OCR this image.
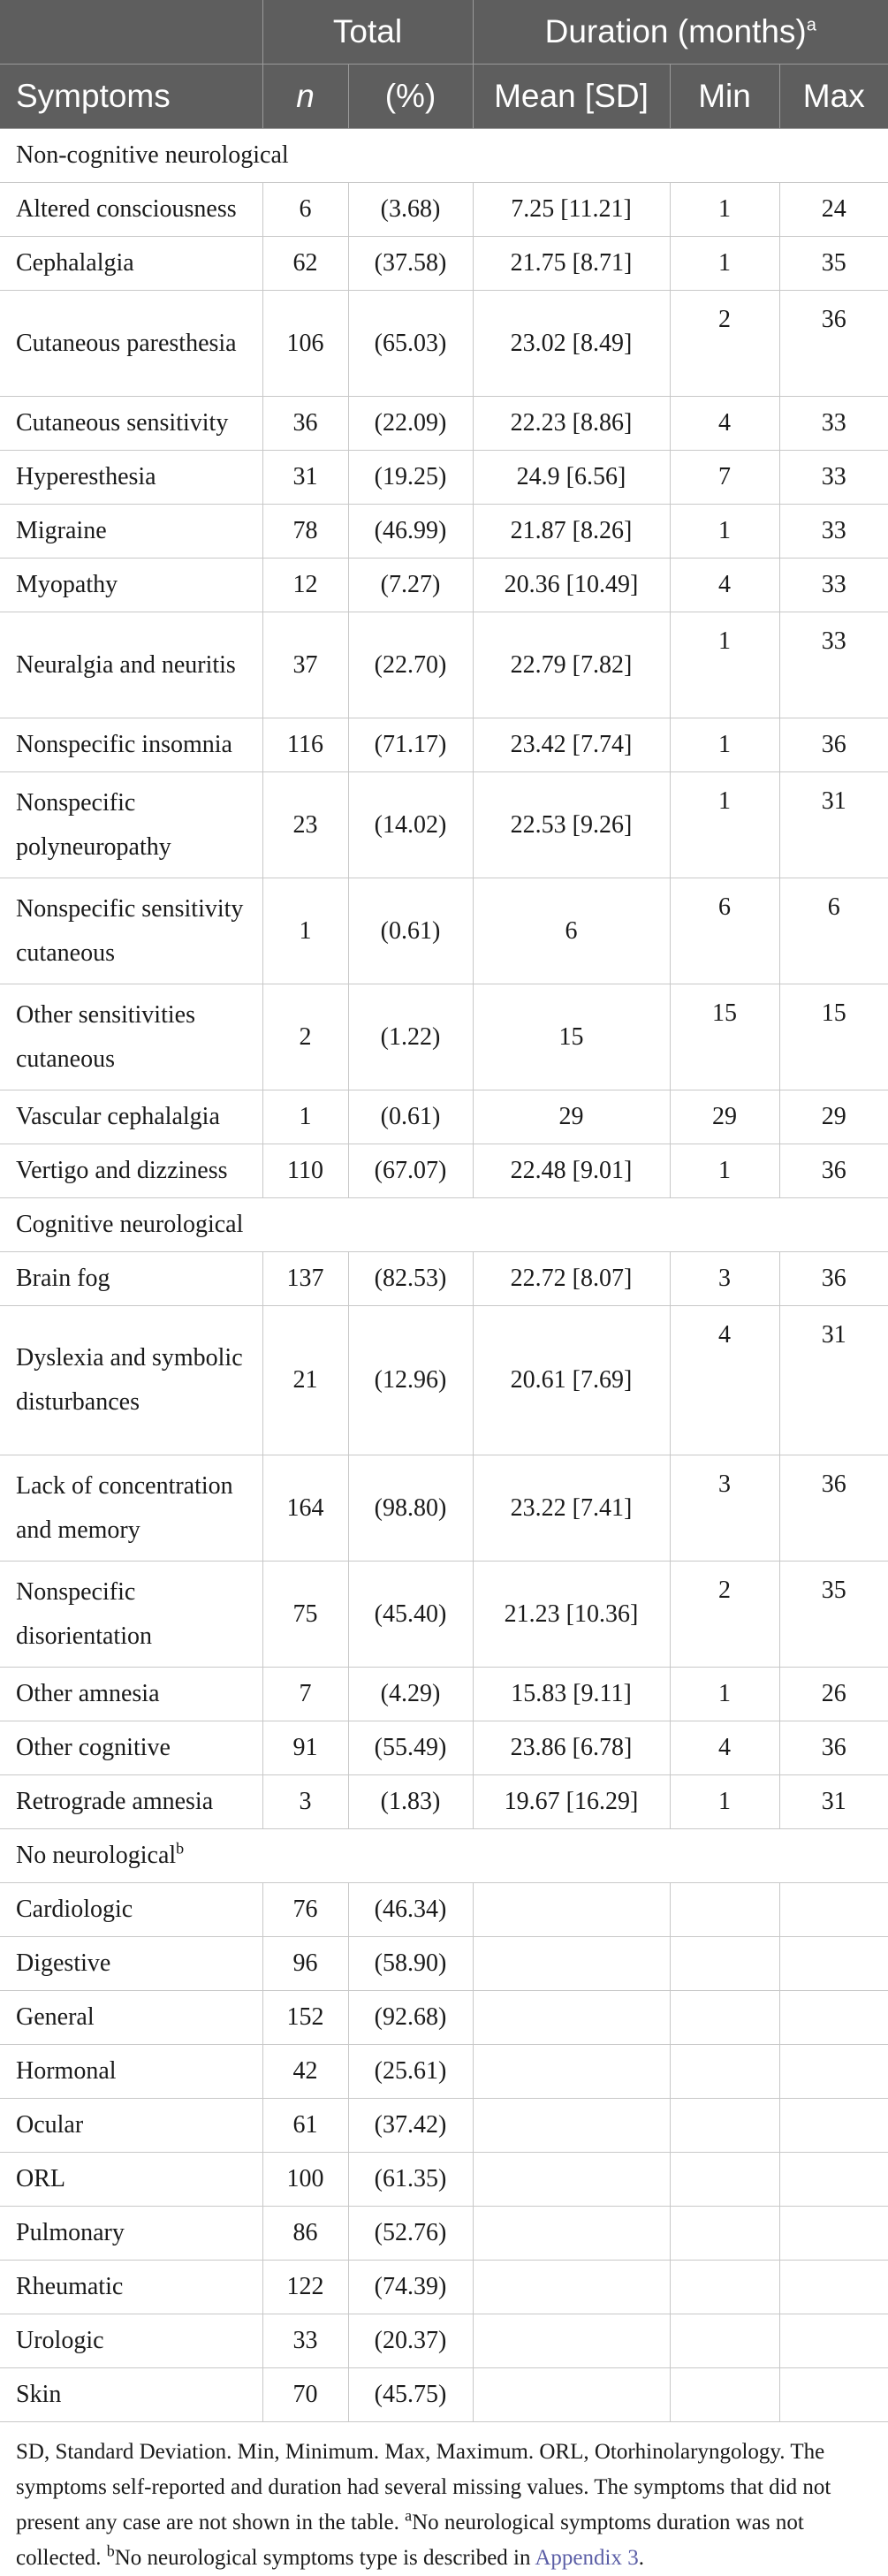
	Total		Duration (months)$^a$
Symptoms	n	(%)	Mean [SD]	Min	Max
Non-cognitive neurological					
Altered consciousness	6	(3.68)	7.25 [11.21]	1	24
Cephalalgia	62	(37.58)	21.75 [8.71]	1	35
Cutaneous paresthesia	106	(65.03)	23.02 [8.49]	2	36
Cutaneous sensitivity	36	(22.09)	22.23 [8.86]	4	33
Hyperesthesia	31	(19.25)	24.9 [6.56]	7	33
Migraine	78	(46.99)	21.87 [8.26]	1	33
Myopathy	12	(7.27)	20.36 [10.49]	4	33
Neuralgia and neuritis	37	(22.70)	22.79 [7.82]	1	33
Nonspecific insomnia	116	(71.17)	23.42 [7.74]	1	36
Nonspecific polyneuropathy	23	(14.02)	22.53 [9.26]	1	31
Nonspecific sensitivity cutaneous	1	(0.61)	6	6	6
Other sensitivities cutaneous	2	(1.22)	15	15	15
Vascular cephalalgia	1	(0.61)	29	29	29
Vertigo and dizziness	110	(67.07)	22.48 [9.01]	1	36
Cognitive neurological					
Brain fog	137	(82.53)	22.72 [8.07]	3	36
Dyslexia and symbolic disturbances	21	(12.96)	20.61 [7.69]	4	31
Lack of concentration and memory	164	(98.80)	23.22 [7.41]	3	36
Nonspecific disorientation	75	(45.40)	21.23 [10.36]	2	35
Other amnesia	7	(4.29)	15.83 [9.11]	1	26
Other cognitive	91	(55.49)	23.86 [6.78]	4	36
Retrograde amnesia	3	(1.83)	19.67 [16.29]	1	31
No neurological$^b$
Cardiologic	76	(46.34)			
Digestive	96	(58.90)			
General	152	(92.68)			
Hormonal	42	(25.61)			
Ocular	61	(37.42)			
ORL	100	(61.35)			
Pulmonary	86	(52.76)			
Rheumatic	122	(74.39)			
Urologic	33	(20.37)			
Skin	70	(45.75)			
SD, Standard Deviation. Min, Minimum. Max, Maximum. ORL, Otorhinolaryngology. The symptoms self-reported and duration had several missing values. The symptoms that did not present any case are not shown in the table. $^a$No neurological symptoms duration was not collected. $^b$No neurological symptoms type is described in Appendix 3.
